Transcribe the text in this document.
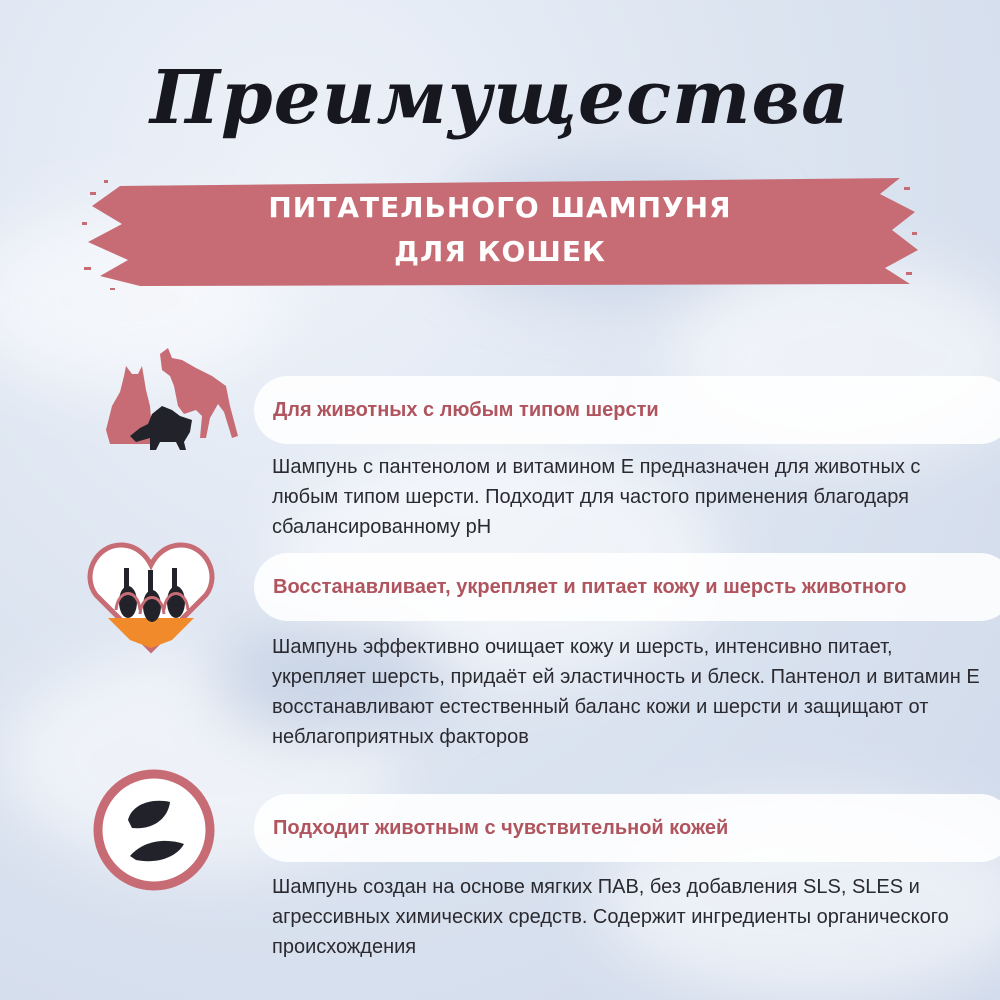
Преимущества
ПИТАТЕЛЬНОГО ШАМПУНЯ
ДЛЯ КОШЕК
Для животных с любым типом шерсти
Шампунь с пантенолом и витамином Е предназначен для животных с любым типом шерсти. Подходит для частого применения благодаря сбалансированному pH
Восстанавливает, укрепляет и питает кожу и шерсть животного
Шампунь эффективно очищает кожу и шерсть, интенсивно питает, укрепляет шерсть, придаёт ей эластичность и блеск. Пантенол и витамин Е восстанавливают естественный баланс кожи и шерсти и защищают от неблагоприятных факторов
Подходит животным с чувствительной кожей
Шампунь создан на основе мягких ПАВ, без добавления SLS, SLES и агрессивных химических средств. Содержит ингредиенты органического происхождения
